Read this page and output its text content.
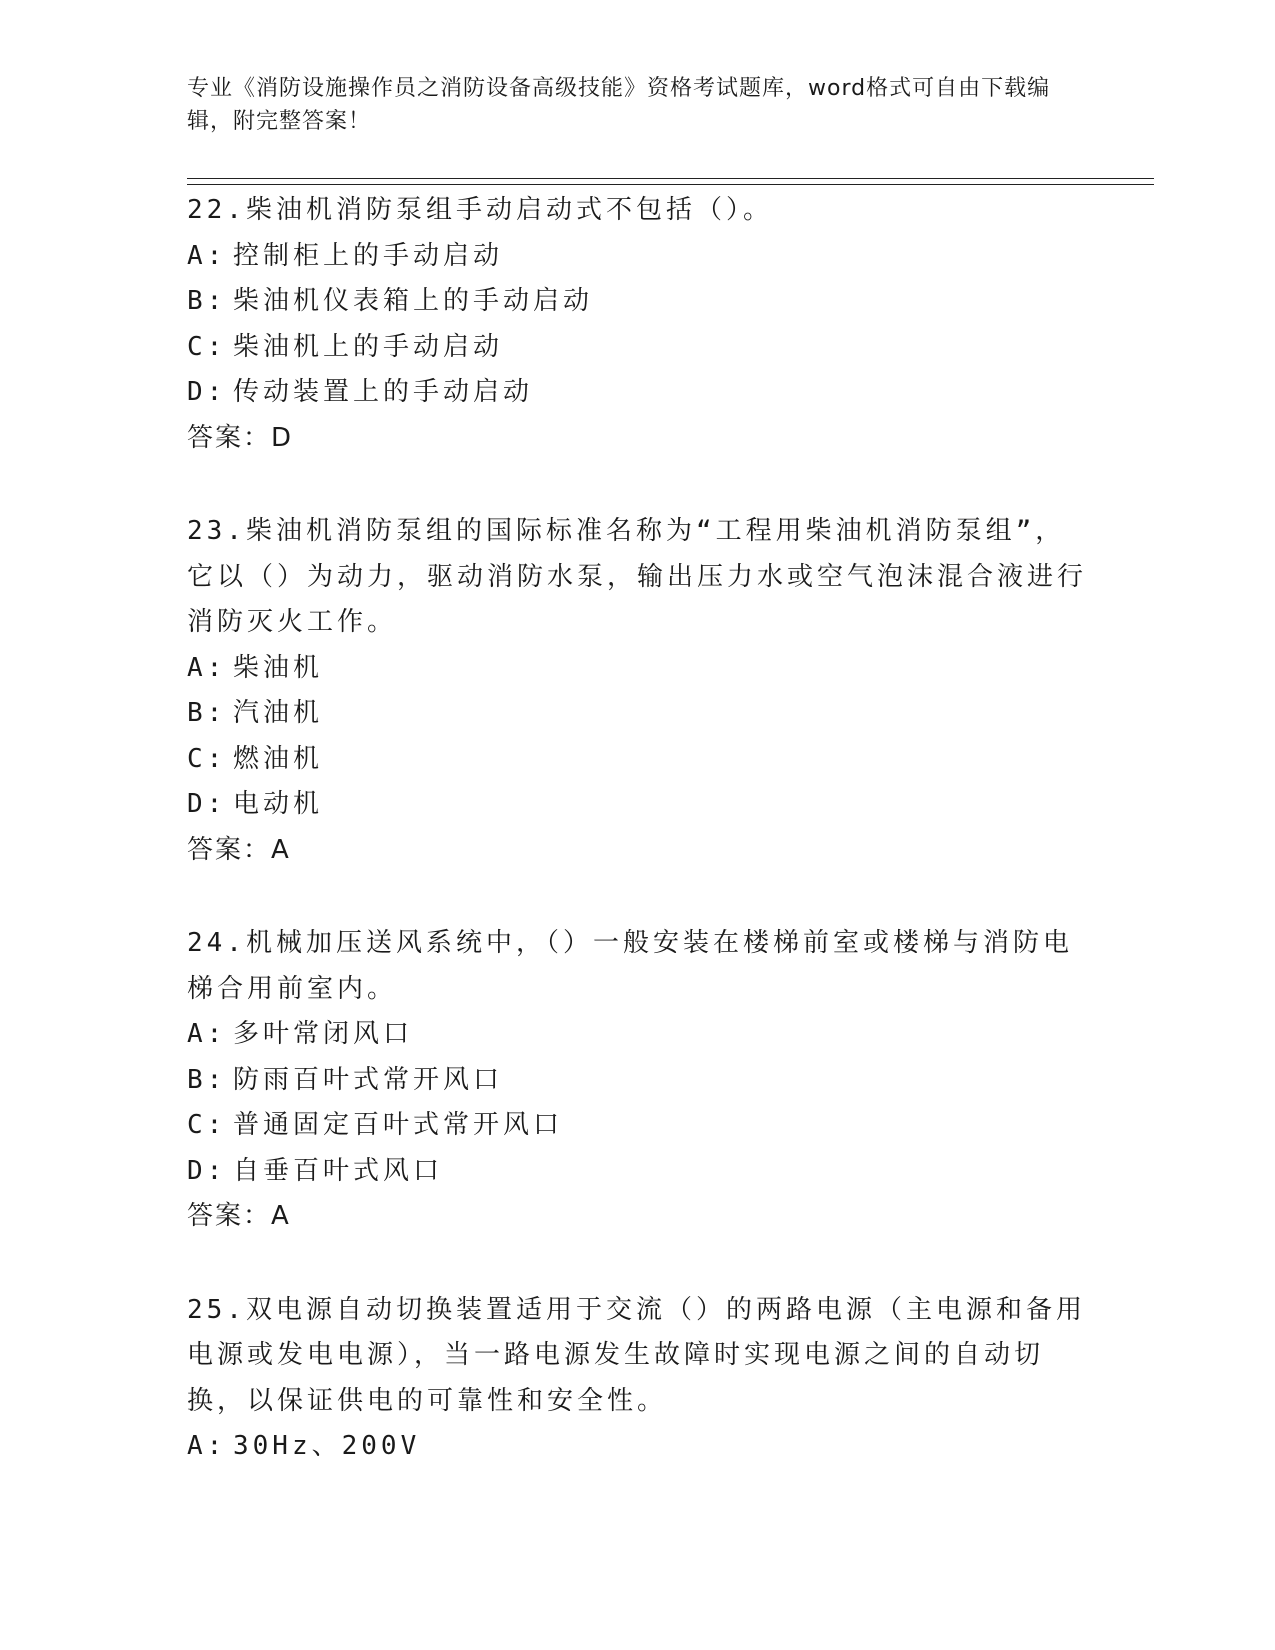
专业《消防设施操作员之消防设备高级技能》资格考试题库，word格式可自由下载编辑，附完整答案！
22.柴油机消防泵组手动启动式不包括（）。
A: 控制柜上的手动启动
B: 柴油机仪表箱上的手动启动
C: 柴油机上的手动启动
D: 传动装置上的手动启动
答案：D
23.柴油机消防泵组的国际标准名称为“工程用柴油机消防泵组”，它以（）为动力，驱动消防水泵，输出压力水或空气泡沫混合液进行消防灭火工作。
A: 柴油机
B: 汽油机
C: 燃油机
D: 电动机
答案：A
24.机械加压送风系统中，（）一般安装在楼梯前室或楼梯与消防电梯合用前室内。
A: 多叶常闭风口
B: 防雨百叶式常开风口
C: 普通固定百叶式常开风口
D: 自垂百叶式风口
答案：A
25.双电源自动切换装置适用于交流（）的两路电源（主电源和备用电源或发电电源），当一路电源发生故障时实现电源之间的自动切换，以保证供电的可靠性和安全性。
A: 30Hz、200V
